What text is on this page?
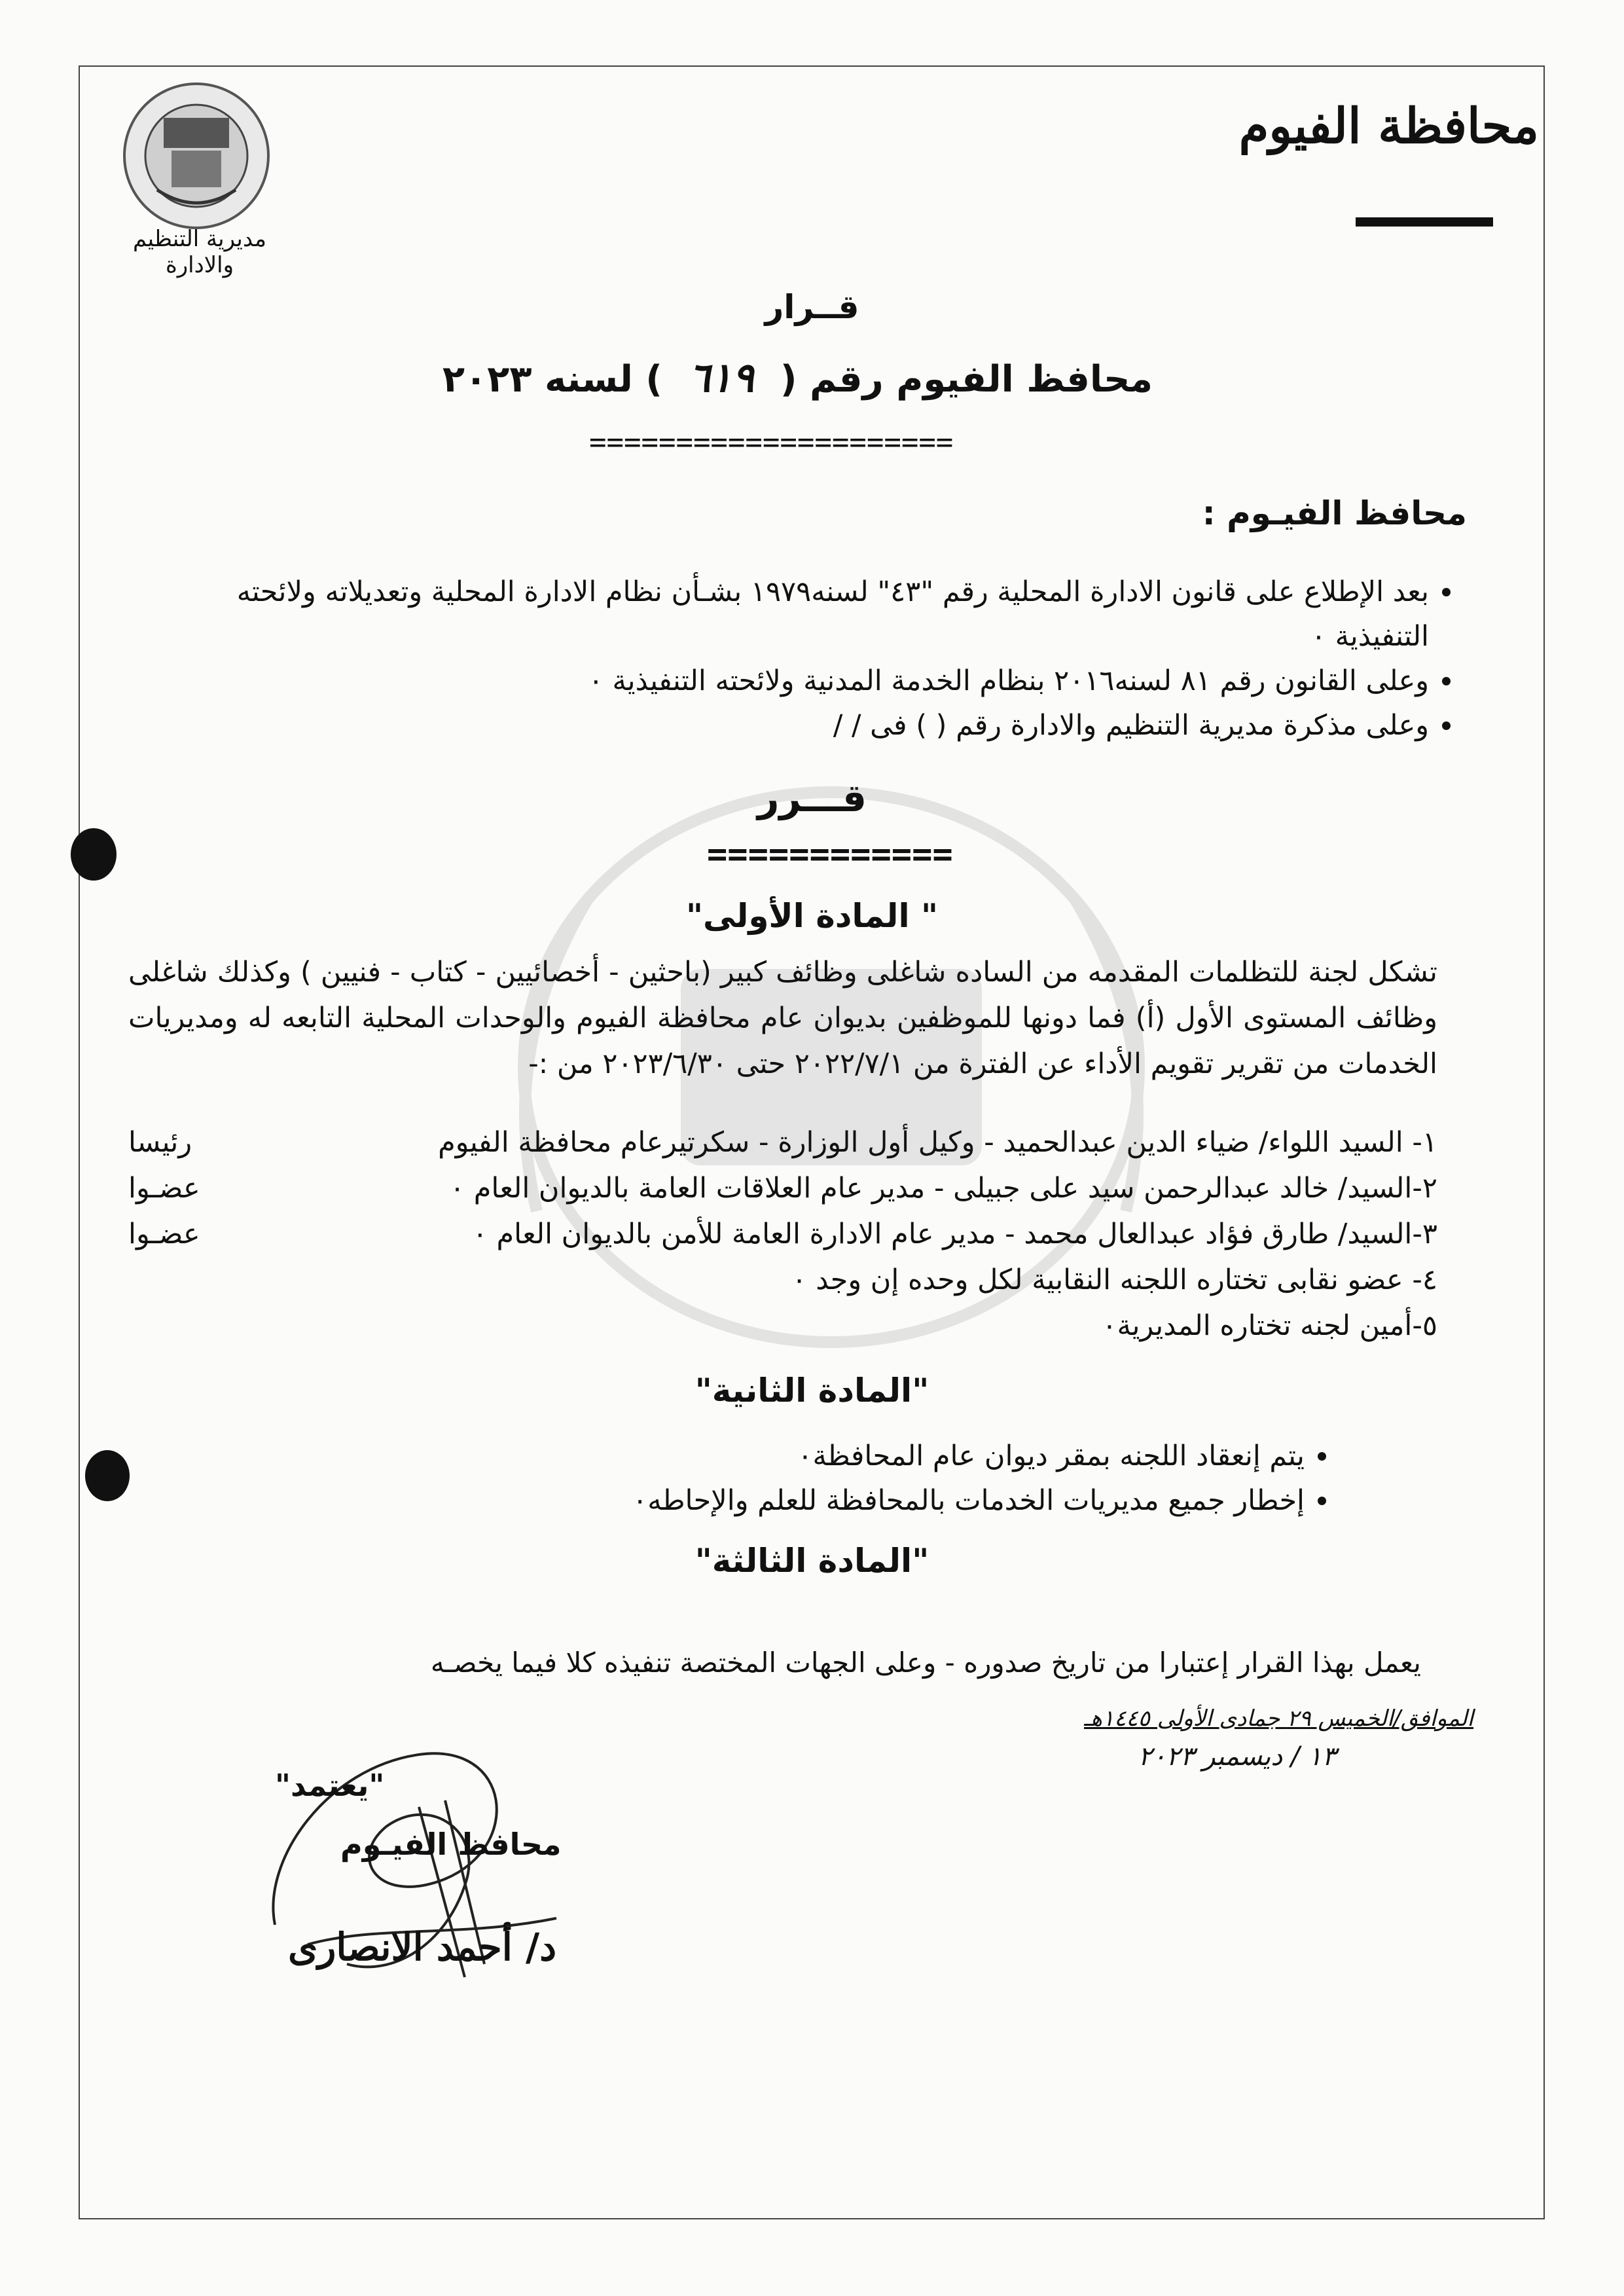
مديرية التنظيم والادارة
محافظة الفيوم
قــرار
محافظ الفيوم رقم (٦١٩) لسنه ٢٠٢٣
=====================
محافظ الفيـوم :
• بعد الإطلاع على قانون الادارة المحلية رقم "٤٣" لسنه١٩٧٩ بشـأن نظام الادارة المحلية وتعديلاته ولائحته التنفيذية ٠
• وعلى القانون رقم ٨١ لسنه٢٠١٦ بنظام الخدمة المدنية ولائحته التنفيذية ٠
• وعلى مذكرة مديرية التنظيم والادارة رقم ( ) فى / /
قـــرر
============
" المادة الأولى"
تشكل لجنة للتظلمات المقدمه من الساده شاغلى وظائف كبير (باحثين - أخصائيين - كتاب - فنيين ) وكذلك شاغلى وظائف المستوى الأول (أ) فما دونها للموظفين بديوان عام محافظة الفيوم والوحدات المحلية التابعه له ومديريات الخدمات من تقرير تقويم الأداء عن الفترة من ٢٠٢٢/٧/١ حتى ٢٠٢٣/٦/٣٠ من :-
١- السيد اللواء/ ضياء الدين عبدالحميد - وكيل أول الوزارة - سكرتيرعام محافظة الفيوم
رئيسا
٢-السيد/ خالد عبدالرحمن سيد على جبيلى - مدير عام العلاقات العامة بالديوان العام ٠
عضـوا
٣-السيد/ طارق فؤاد عبدالعال محمد - مدير عام الادارة العامة للأمن بالديوان العام ٠
عضـوا
٤- عضو نقابى تختاره اللجنه النقابية لكل وحده إن وجد ٠
٥-أمين لجنه تختاره المديرية٠
"المادة الثانية"
• يتم إنعقاد اللجنه بمقر ديوان عام المحافظة٠
• إخطار جميع مديريات الخدمات بالمحافظة للعلم والإحاطه٠
"المادة الثالثة"
يعمل بهذا القرار إعتبارا من تاريخ صدوره - وعلى الجهات المختصة تنفيذه كلا فيما يخصـه
الموافق/الخميس ٢٩ جمادى الأولى ١٤٤٥هـ
١٣ / ديسمبر ٢٠٢٣
"يعتمد"
محافظ الفيـوم
د/ أحمد الانصارى
